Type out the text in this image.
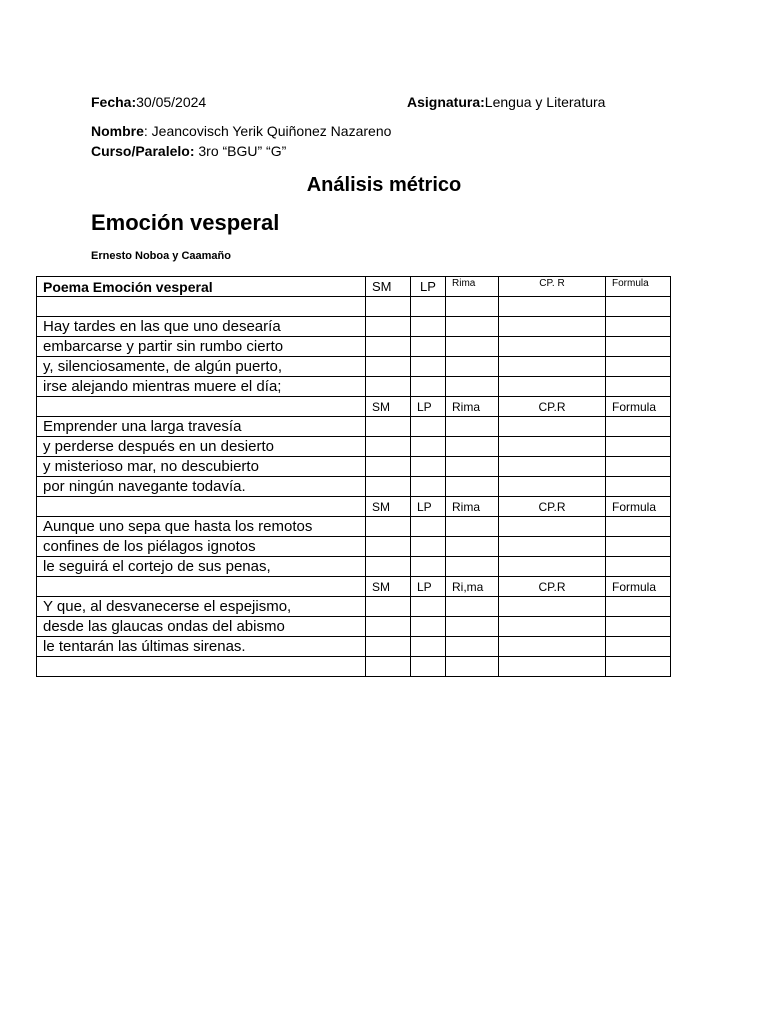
Fecha:30/05/2024	Asignatura:Lengua y Literatura
Nombre: Jeancovisch Yerik Quiñonez Nazareno
Curso/Paralelo: 3ro “BGU” “G”
Análisis métrico
Emoción vesperal
Ernesto Noboa y Caamaño
Poema Emoción vesperal	SM	LP	Rima	CP. R	Formula

Hay tardes en las que uno desearía					
embarcarse y partir sin rumbo cierto					
y, silenciosamente, de algún puerto,					
irse alejando mientras muere el día;					
	SM	LP	Rima	CP.R	Formula
Emprender una larga travesía					
y perderse después en un desierto					
y misterioso mar, no descubierto					
por ningún navegante todavía.					
	SM	LP	Rima	CP.R	Formula
Aunque uno sepa que hasta los remotos					
confines de los piélagos ignotos					
le seguirá el cortejo de sus penas,					
	SM	LP	Ri,ma	CP.R	Formula
Y que, al desvanecerse el espejismo,					
desde las glaucas ondas del abismo					
le tentarán las últimas sirenas.					
